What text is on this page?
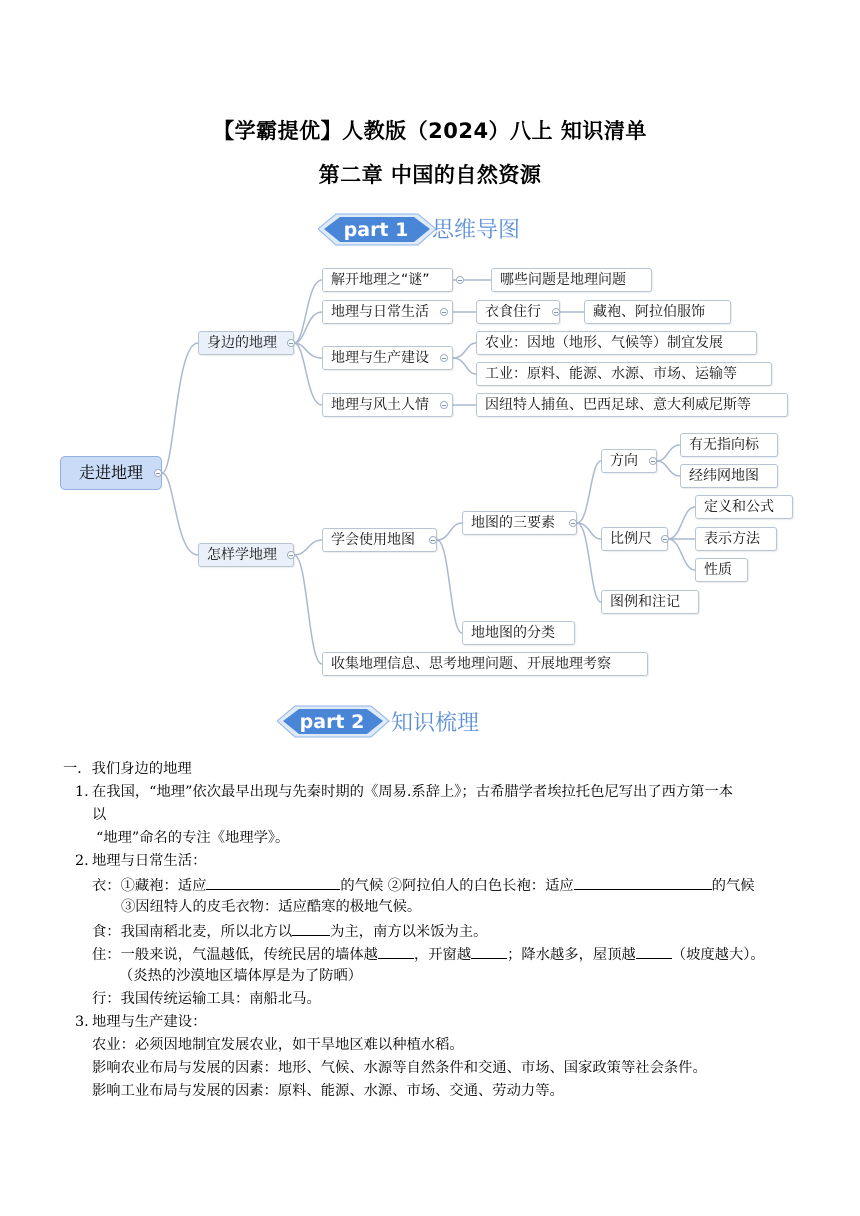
【学霸提优】人教版（2024）八上 知识清单
第二章 中国的自然资源
part 1 思维导图
走进地理
身边的地理
解开地理之“谜”	哪些问题是地理问题
地理与日常生活	衣食住行	藏袍、阿拉伯服饰
地理与生产建设
农业：因地（地形、气候等）制宜发展
工业：原料、能源、水源、市场、运输等
地理与风土人情	因纽特人捕鱼、巴西足球、意大利威尼斯等
怎样学地理
学会使用地图
地图的三要素
方向
有无指向标
经纬网地图
比例尺
定义和公式
表示方法
性质
图例和注记
地地图的分类
收集地理信息、思考地理问题、开展地理考察
part 2 知识梳理
一．我们身边的地理
1. 在我国，“地理”依次最早出现与先秦时期的《周易.系辞上》；古希腊学者埃拉托色尼写出了西方第一本
以
“地理”命名的专注《地理学》。
2. 地理与日常生活：
衣：①藏袍：适应	的气候 ②阿拉伯人的白色长袍：适应	的气候
③因纽特人的皮毛衣物：适应酷寒的极地气候。
食：我国南稻北麦，所以北方以	为主，南方以米饭为主。
住：一般来说，气温越低，传统民居的墙体越	，开窗越	；降水越多，屋顶越	（坡度越大）。
（炎热的沙漠地区墙体厚是为了防晒）
行：我国传统运输工具：南船北马。
3. 地理与生产建设：
农业：必须因地制宜发展农业，如干旱地区难以种植水稻。
影响农业布局与发展的因素：地形、气候、水源等自然条件和交通、市场、国家政策等社会条件。
影响工业布局与发展的因素：原料、能源、水源、市场、交通、劳动力等。
